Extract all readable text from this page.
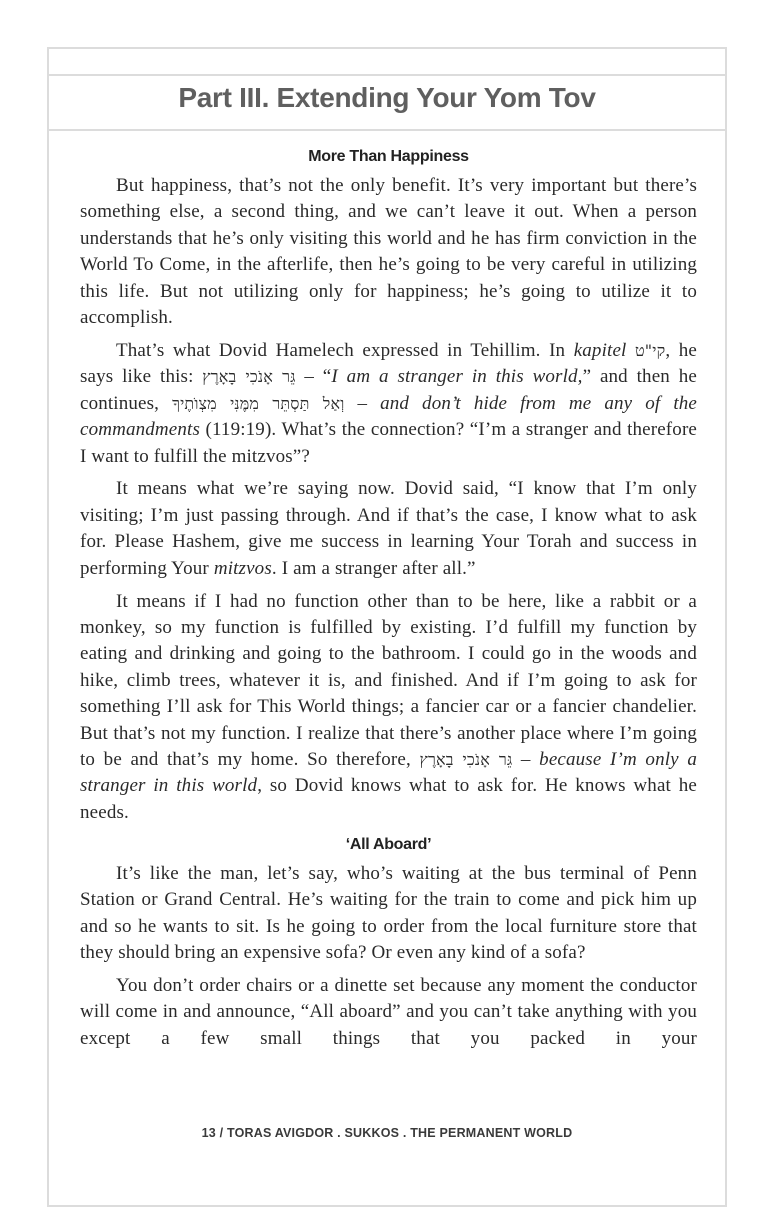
Part III. Extending Your Yom Tov
More Than Happiness

But happiness, that’s not the only benefit. It’s very important but there’s something else, a second thing, and we can’t leave it out. When a person understands that he’s only visiting this world and he has firm conviction in the World To Come, in the afterlife, then he’s going to be very careful in utilizing this life. But not utilizing only for happiness; he’s going to utilize it to accomplish.

That’s what Dovid Hamelech expressed in Tehillim. In kapitel קי"ט, he says like this: גֵּר אָנֹכִי בָאָרֶץ – “I am a stranger in this world,” and then he continues, וְאַל תַּסְתֵּר מִמֶּנִּי מִצְוֺתֶיךָ – and don’t hide from me any of the commandments (119:19). What’s the connection? “I’m a stranger and therefore I want to fulfill the mitzvos”?

It means what we’re saying now. Dovid said, “I know that I’m only visiting; I’m just passing through. And if that’s the case, I know what to ask for. Please Hashem, give me success in learning Your Torah and success in performing Your mitzvos. I am a stranger after all.”

It means if I had no function other than to be here, like a rabbit or a monkey, so my function is fulfilled by existing. I’d fulfill my function by eating and drinking and going to the bathroom. I could go in the woods and hike, climb trees, whatever it is, and finished. And if I’m going to ask for something I’ll ask for This World things; a fancier car or a fancier chandelier. But that’s not my function. I realize that there’s another place where I’m going to be and that’s my home. So therefore, גֵּר אָנֹכִי בָאָרֶץ – because I’m only a stranger in this world, so Dovid knows what to ask for. He knows what he needs.

‘All Aboard’

It’s like the man, let’s say, who’s waiting at the bus terminal of Penn Station or Grand Central. He’s waiting for the train to come and pick him up and so he wants to sit. Is he going to order from the local furniture store that they should bring an expensive sofa? Or even any kind of a sofa?

You don’t order chairs or a dinette set because any moment the conductor will come in and announce, “All aboard” and you can’t take anything with you except a few small things that you packed in your

13 / TORAS AVIGDOR . SUKKOS . THE PERMANENT WORLD
